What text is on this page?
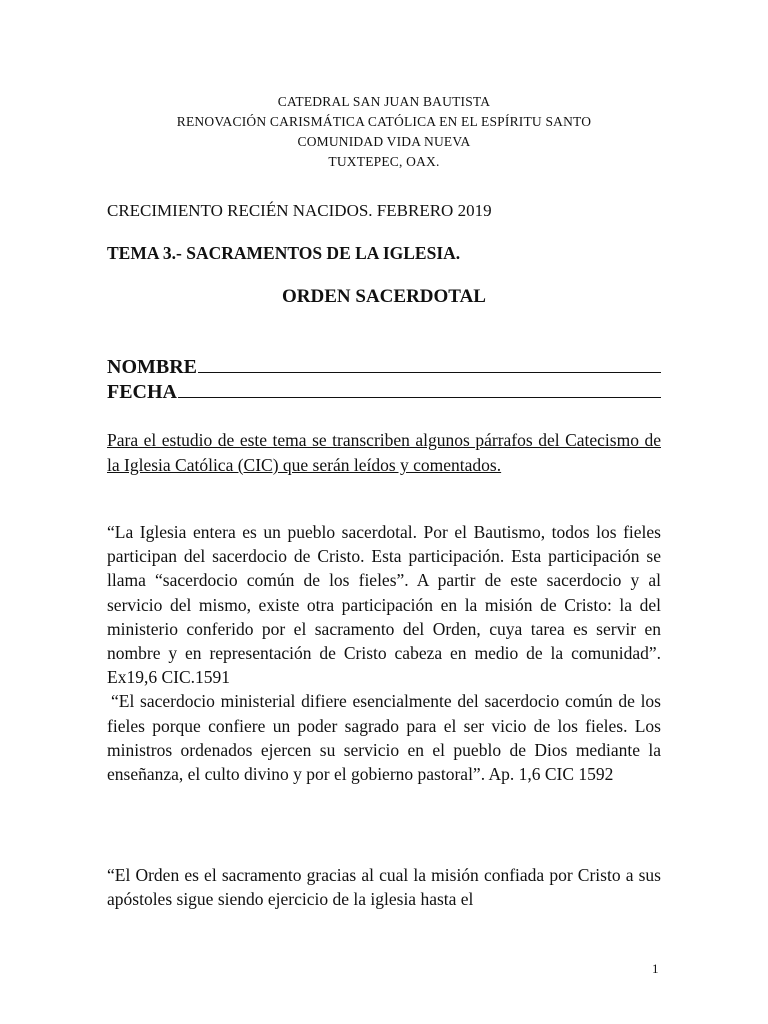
CATEDRAL SAN JUAN BAUTISTA
RENOVACIÓN CARISMÁTICA CATÓLICA EN EL ESPÍRITU SANTO
COMUNIDAD VIDA NUEVA
TUXTEPEC, OAX.
CRECIMIENTO RECIÉN NACIDOS. FEBRERO 2019
TEMA 3.- SACRAMENTOS DE LA IGLESIA.
ORDEN SACERDOTAL
NOMBRE
FECHA
Para el estudio de este tema se transcriben algunos párrafos del Catecismo de la Iglesia Católica (CIC) que serán leídos y comentados.
“La Iglesia entera es un pueblo sacerdotal. Por el Bautismo, todos los fieles participan del sacerdocio de Cristo. Esta participación. Esta participación se llama “sacerdocio común de los fieles”. A partir de este sacerdocio y al servicio del mismo, existe otra participación en la misión de Cristo: la del ministerio conferido por el sacramento del Orden, cuya tarea es servir en nombre y en representación de Cristo cabeza en medio de la comunidad”. Ex19,6 CIC.1591
“El sacerdocio ministerial difiere esencialmente del sacerdocio común de los fieles porque confiere un poder sagrado para el ser vicio de los fieles. Los ministros ordenados ejercen su servicio en el pueblo de Dios mediante la enseñanza, el culto divino y por el gobierno pastoral”. Ap. 1,6 CIC 1592
“El Orden es el sacramento gracias al cual la misión confiada por Cristo a sus apóstoles sigue siendo ejercicio de la iglesia hasta el
1
